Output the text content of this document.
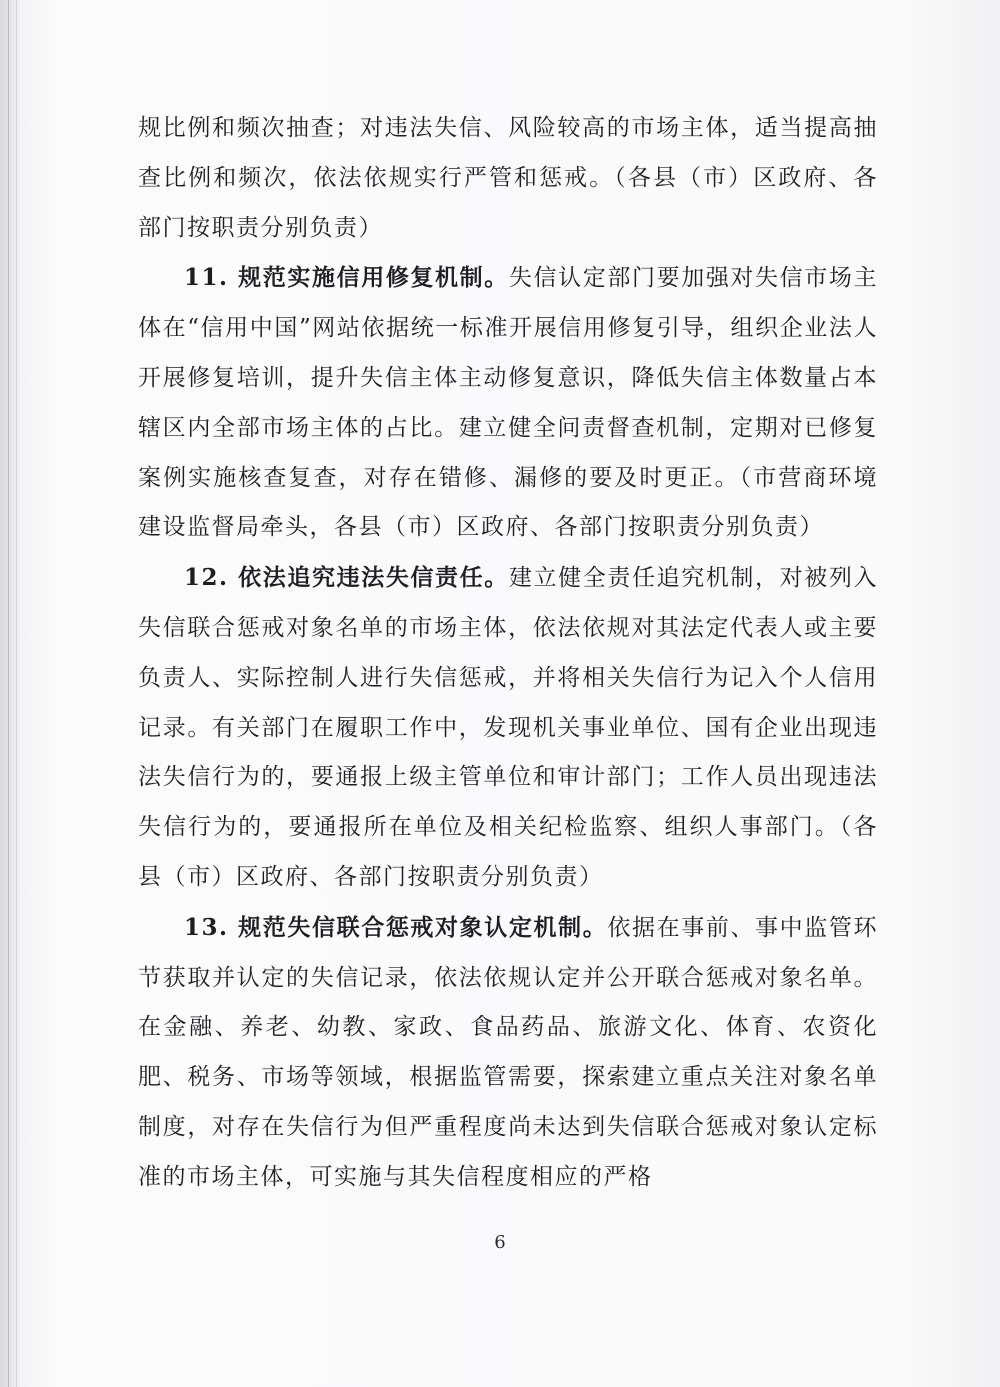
规比例和频次抽查；对违法失信、风险较高的市场主体，适当提高抽查比例和频次，依法依规实行严管和惩戒。（各县（市）区政府、各部门按职责分别负责）

11. 规范实施信用修复机制。失信认定部门要加强对失信市场主体在“信用中国”网站依据统一标准开展信用修复引导，组织企业法人开展修复培训，提升失信主体主动修复意识，降低失信主体数量占本辖区内全部市场主体的占比。建立健全问责督查机制，定期对已修复案例实施核查复查，对存在错修、漏修的要及时更正。（市营商环境建设监督局牵头，各县（市）区政府、各部门按职责分别负责）

12. 依法追究违法失信责任。建立健全责任追究机制，对被列入失信联合惩戒对象名单的市场主体，依法依规对其法定代表人或主要负责人、实际控制人进行失信惩戒，并将相关失信行为记入个人信用记录。有关部门在履职工作中，发现机关事业单位、国有企业出现违法失信行为的，要通报上级主管单位和审计部门；工作人员出现违法失信行为的，要通报所在单位及相关纪检监察、组织人事部门。（各县（市）区政府、各部门按职责分别负责）

13. 规范失信联合惩戒对象认定机制。依据在事前、事中监管环节获取并认定的失信记录，依法依规认定并公开联合惩戒对象名单。在金融、养老、幼教、家政、食品药品、旅游文化、体育、农资化肥、税务、市场等领域，根据监管需要，探索建立重点关注对象名单制度，对存在失信行为但严重程度尚未达到失信联合惩戒对象认定标准的市场主体，可实施与其失信程度相应的严格

6
